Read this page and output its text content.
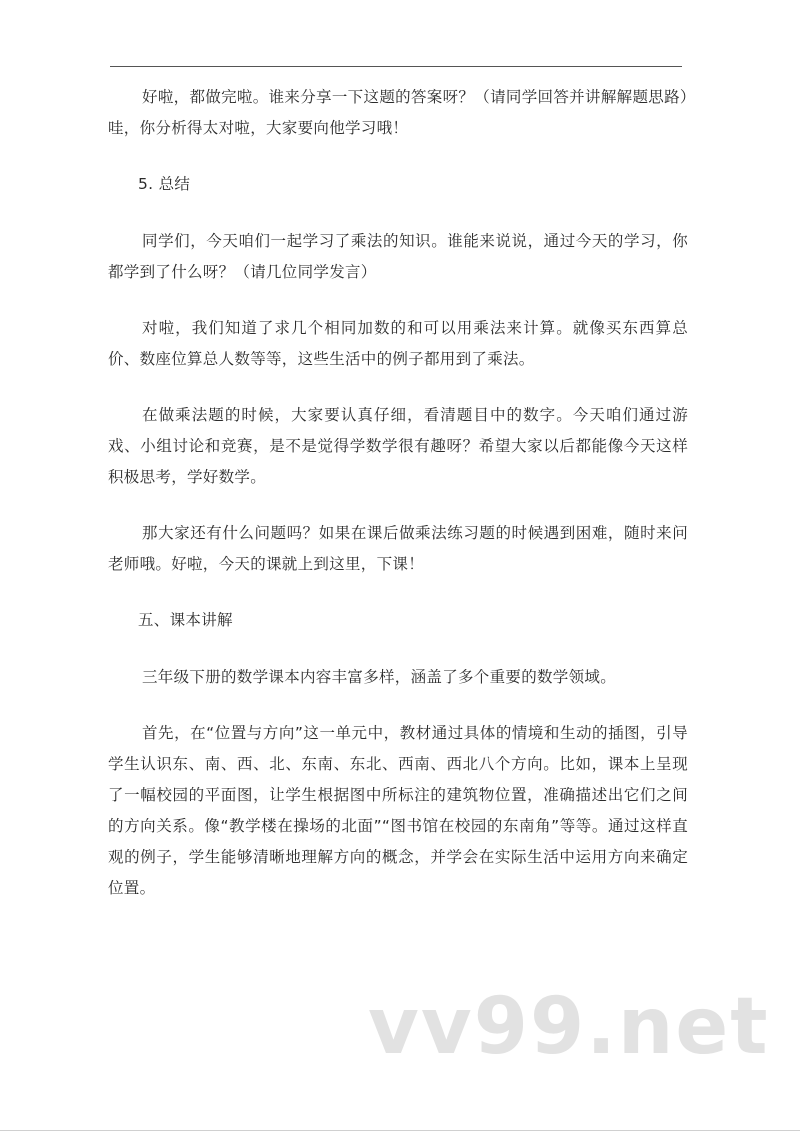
好啦，都做完啦。谁来分享一下这题的答案呀？（请同学回答并讲解解题思路）哇，你分析得太对啦，大家要向他学习哦！

5. 总结

同学们，今天咱们一起学习了乘法的知识。谁能来说说，通过今天的学习，你都学到了什么呀？（请几位同学发言）

对啦，我们知道了求几个相同加数的和可以用乘法来计算。就像买东西算总价、数座位算总人数等等，这些生活中的例子都用到了乘法。

在做乘法题的时候，大家要认真仔细，看清题目中的数字。今天咱们通过游戏、小组讨论和竞赛，是不是觉得学数学很有趣呀？希望大家以后都能像今天这样积极思考，学好数学。

那大家还有什么问题吗？如果在课后做乘法练习题的时候遇到困难，随时来问老师哦。好啦，今天的课就上到这里，下课！

五、课本讲解

三年级下册的数学课本内容丰富多样，涵盖了多个重要的数学领域。

首先，在“位置与方向”这一单元中，教材通过具体的情境和生动的插图，引导学生认识东、南、西、北、东南、东北、西南、西北八个方向。比如，课本上呈现了一幅校园的平面图，让学生根据图中所标注的建筑物位置，准确描述出它们之间的方向关系。像“教学楼在操场的北面”“图书馆在校园的东南角”等等。通过这样直观的例子，学生能够清晰地理解方向的概念，并学会在实际生活中运用方向来确定位置。

vv99.net
